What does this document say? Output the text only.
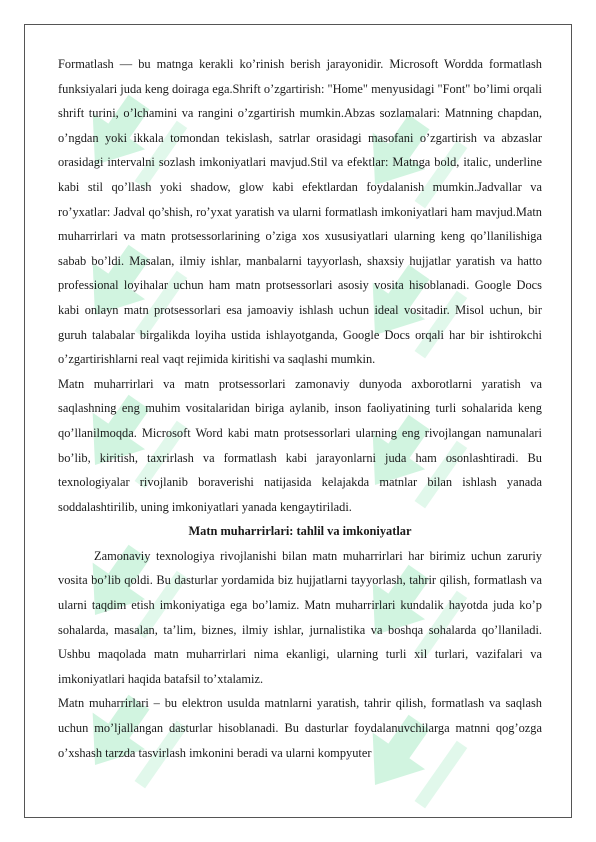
Formatlash — bu matnga kerakli ko’rinish berish jarayonidir. Microsoft Wordda formatlash funksiyalari juda keng doiraga ega.Shrift o’zgartirish: "Home" menyusidagi "Font" bo’limi orqali shrift turini, o’lchamini va rangini o’zgartirish mumkin.Abzas sozlamalari: Matnning chapdan, o’ngdan yoki ikkala tomondan tekislash, satrlar orasidagi masofani o’zgartirish va abzaslar orasidagi intervalni sozlash imkoniyatlari mavjud.Stil va efektlar: Matnga bold, italic, underline kabi stil qo’llash yoki shadow, glow kabi efektlardan foydalanish mumkin.Jadvallar va ro’yxatlar: Jadval qo’shish, ro’yxat yaratish va ularni formatlash imkoniyatlari ham mavjud.Matn muharrirlari va matn protsessorlarining o’ziga xos xususiyatlari ularning keng qo’llanilishiga sabab bo’ldi. Masalan, ilmiy ishlar, manbalarni tayyorlash, shaxsiy hujjatlar yaratish va hatto professional loyihalar uchun ham matn protsessorlari asosiy vosita hisoblanadi. Google Docs kabi onlayn matn protsessorlari esa jamoaviy ishlash uchun ideal vositadir. Misol uchun, bir guruh talabalar birgalikda loyiha ustida ishlayotganda, Google Docs orqali har bir ishtirokchi o’zgartirishlarni real vaqt rejimida kiritishi va saqlashi mumkin.

Matn muharrirlari va matn protsessorlari zamonaviy dunyoda axborotlarni yaratish va saqlashning eng muhim vositalaridan biriga aylanib, inson faoliyatining turli sohalarida keng qo’llanilmoqda. Microsoft Word kabi matn protsessorlari ularning eng rivojlangan namunalari bo’lib, kiritish, taxrirlash va formatlash kabi jarayonlarni juda ham osonlashtiradi. Bu texnologiyalar rivojlanib boraverishi natijasida kelajakda matnlar bilan ishlash yanada soddalashtirilib, uning imkoniyatlari yanada kengaytiriladi.

Matn muharrirlari: tahlil va imkoniyatlar

Zamonaviy texnologiya rivojlanishi bilan matn muharrirlari har birimiz uchun zaruriy vosita bo’lib qoldi. Bu dasturlar yordamida biz hujjatlarni tayyorlash, tahrir qilish, formatlash va ularni taqdim etish imkoniyatiga ega bo’lamiz. Matn muharrirlari kundalik hayotda juda ko’p sohalarda, masalan, ta’lim, biznes, ilmiy ishlar, jurnalistika va boshqa sohalarda qo’llaniladi. Ushbu maqolada matn muharrirlari nima ekanligi, ularning turli xil turlari, vazifalari va imkoniyatlari haqida batafsil to’xtalamiz.

Matn muharrirlari – bu elektron usulda matnlarni yaratish, tahrir qilish, formatlash va saqlash uchun mo’ljallangan dasturlar hisoblanadi. Bu dasturlar foydalanuvchilarga matnni qog’ozga o’xshash tarzda tasvirlash imkonini beradi va ularni kompyuter
